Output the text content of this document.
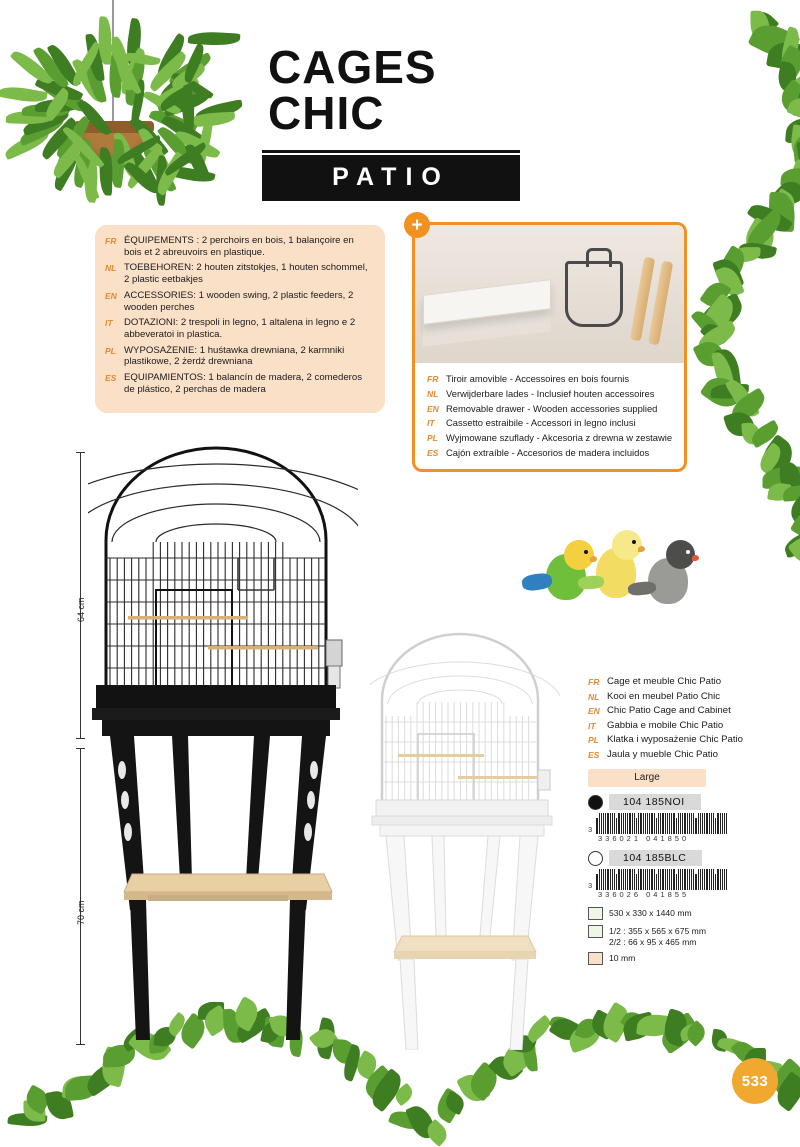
CAGES CHIC
PATIO
FR ÉQUIPEMENTS : 2 perchoirs en bois, 1 balançoire en bois et 2 abreuvoirs en plastique.
NL TOEBEHOREN: 2 houten zitstokjes, 1 houten schommel, 2 plastic eetbakjes
EN ACCESSORIES: 1 wooden swing, 2 plastic feeders, 2 wooden perches
IT	DOTAZIONI: 2 trespoli in legno, 1 altalena in legno e 2 abbeveratoi in plastica.
PL WYPOSAŻENIE: 1 huśtawka drewniana, 2 karmniki plastikowe, 2 żerdź drewniana
ES EQUIPAMIENTOS: 1 balancín de madera, 2 comederos de plástico, 2 perchas de madera
+
FR Tiroir amovible - Accessoires en bois fournis
NL Verwijderbare lades - Inclusief houten accessoires
EN Removable drawer - Wooden accessories supplied
IT	Cassetto estraibile - Accessori in legno inclusi
PL Wyjmowane szuflady - Akcesoria z drewna w zestawie
ES Cajón extraíble - Accesorios de madera incluidos
64 cm
70 cm
FR Cage et meuble Chic Patio
NL Kooi en meubel Patio Chic
EN Chic Patio Cage and Cabinet
IT	Gabbia e mobile Chic Patio
PL Klatka i wyposażenie Chic Patio
ES Jaula y mueble Chic Patio
Large
104 185NOI
3
336021 041850
104 185BLC
3
336026 041855
530 x 330 x 1440 mm
1/2 : 355 x 565 x 675 mm
2/2 : 66 x 95 x 465 mm
10 mm
533
